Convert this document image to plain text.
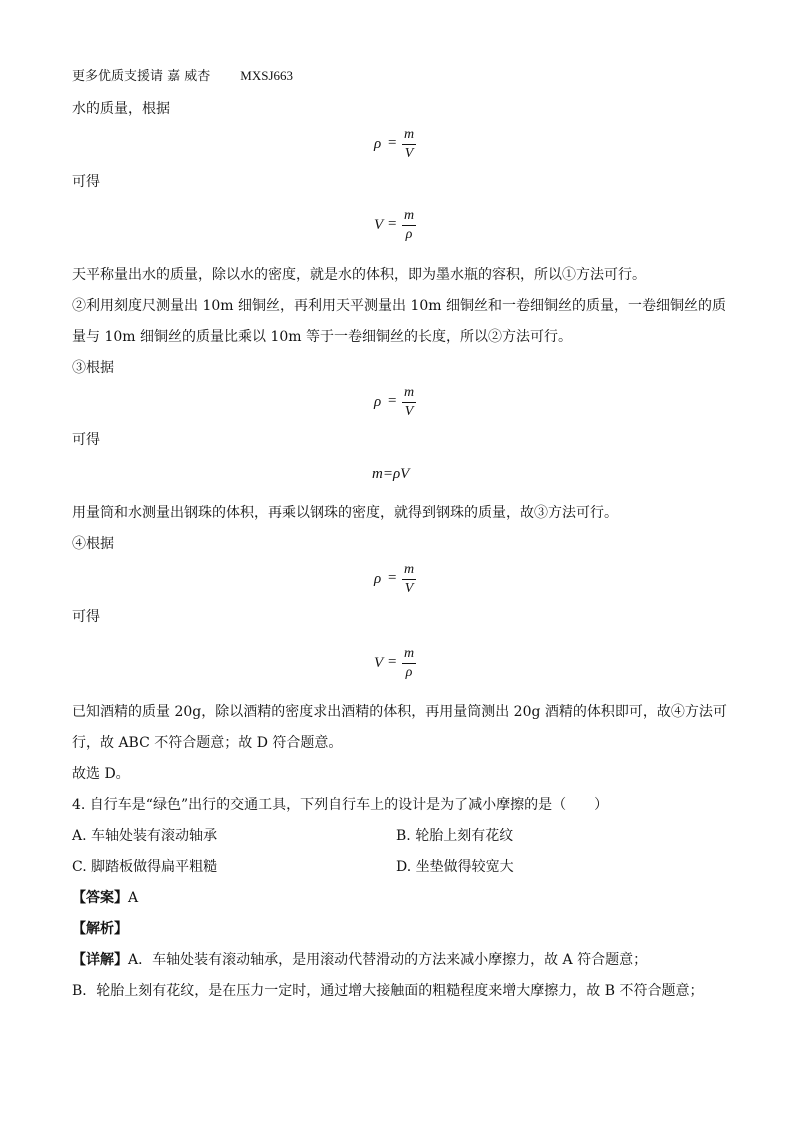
更多优质支援请 嘉 威杏 MXSJ663
水的质量，根据
ρ =
m
V
可得
V =
m
ρ
天平称量出水的质量，除以水的密度，就是水的体积，即为墨水瓶的容积，所以①方法可行。
②利用刻度尺测量出 10m 细铜丝，再利用天平测量出 10m 细铜丝和一卷细铜丝的质量，一卷细铜丝的质
量与 10m 细铜丝的质量比乘以 10m 等于一卷细铜丝的长度，所以②方法可行。
③根据
ρ =
m
V
可得
m=ρV
用量筒和水测量出钢珠的体积，再乘以钢珠的密度，就得到钢珠的质量，故③方法可行。
④根据
ρ =
m
V
可得
V =
m
ρ
已知酒精的质量 20g，除以酒精的密度求出酒精的体积，再用量筒测出 20g 酒精的体积即可，故④方法可
行，故 ABC 不符合题意；故 D 符合题意。
故选 D。
4. 自行车是“绿色”出行的交通工具，下列自行车上的设计是为了减小摩擦的是（　　）
A. 车轴处装有滚动轴承	B. 轮胎上刻有花纹
C. 脚踏板做得扁平粗糙	D. 坐垫做得较宽大
【答案】A
【解析】
【详解】A．车轴处装有滚动轴承，是用滚动代替滑动的方法来减小摩擦力，故 A 符合题意；
B．轮胎上刻有花纹，是在压力一定时，通过增大接触面的粗糙程度来增大摩擦力，故 B 不符合题意；
